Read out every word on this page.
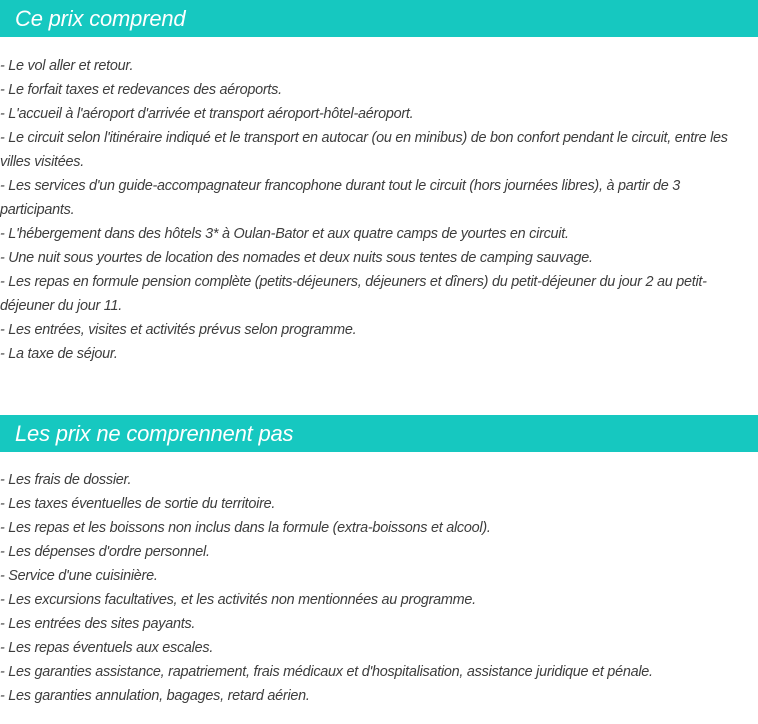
Ce prix comprend
- Le vol aller et retour.
- Le forfait taxes et redevances des aéroports.
- L'accueil à l'aéroport d'arrivée et transport aéroport-hôtel-aéroport.
- Le circuit selon l'itinéraire indiqué et le transport en autocar (ou en minibus) de bon confort pendant le circuit, entre les villes visitées.
- Les services d'un guide-accompagnateur francophone durant tout le circuit (hors journées libres), à partir de 3 participants.
- L'hébergement dans des hôtels 3* à Oulan-Bator et aux quatre camps de yourtes en circuit.
- Une nuit sous yourtes de location des nomades et deux nuits sous tentes de camping sauvage.
- Les repas en formule pension complète (petits-déjeuners, déjeuners et dîners) du petit-déjeuner du jour 2 au petit-déjeuner du jour 11.
- Les entrées, visites et activités prévus selon programme.
- La taxe de séjour.
Les prix ne comprennent pas
- Les frais de dossier.
- Les taxes éventuelles de sortie du territoire.
- Les repas et les boissons non inclus dans la formule (extra-boissons et alcool).
- Les dépenses d'ordre personnel.
- Service d'une cuisinière.
- Les excursions facultatives, et les activités non mentionnées au programme.
- Les entrées des sites payants.
- Les repas éventuels aux escales.
- Les garanties assistance, rapatriement, frais médicaux et d'hospitalisation, assistance juridique et pénale.
- Les garanties annulation, bagages, retard aérien.
